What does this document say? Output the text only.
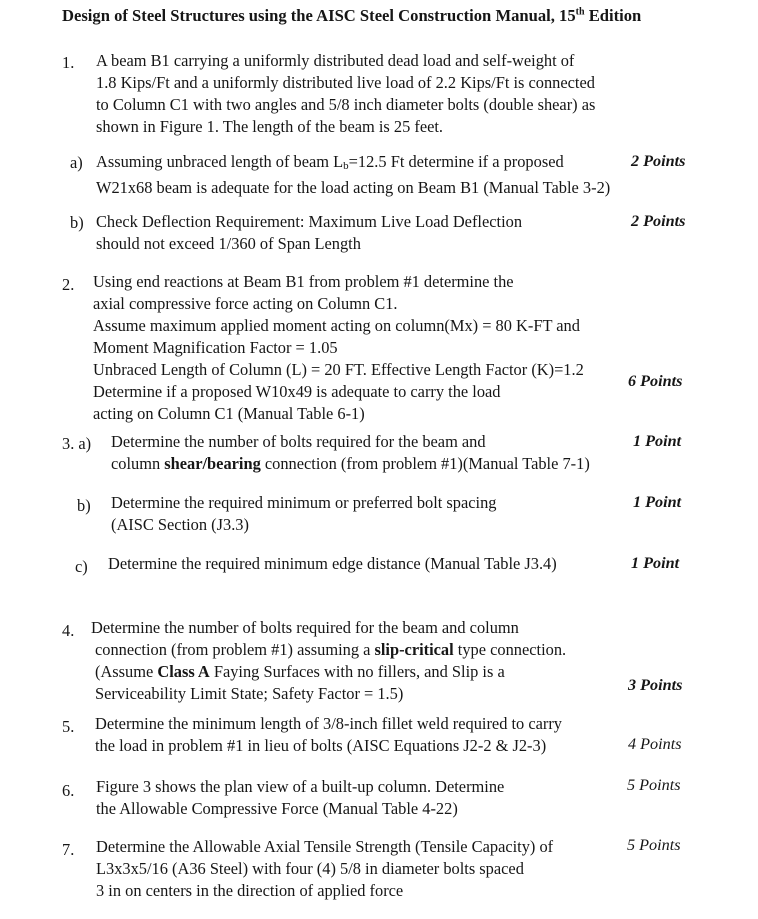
Design of Steel Structures using the AISC Steel Construction Manual, 15th Edition
1. A beam B1 carrying a uniformly distributed dead load and self-weight of
1.8 Kips/Ft and a uniformly distributed live load of 2.2 Kips/Ft is connected
to Column C1 with two angles and 5/8 inch diameter bolts (double shear) as
shown in Figure 1. The length of the beam is 25 feet.
a) Assuming unbraced length of beam Lb=12.5 Ft determine if a proposed
W21x68 beam is adequate for the load acting on Beam B1 (Manual Table 3-2)
2 Points
b) Check Deflection Requirement: Maximum Live Load Deflection
should not exceed 1/360 of Span Length
2 Points
2. Using end reactions at Beam B1 from problem #1 determine the
axial compressive force acting on Column C1.
Assume maximum applied moment acting on column(Mx) = 80 K-FT and
Moment Magnification Factor = 1.05
Unbraced Length of Column (L) = 20 FT. Effective Length Factor (K)=1.2
Determine if a proposed W10x49 is adequate to carry the load
acting on Column C1 (Manual Table 6-1)
6 Points
3. a) Determine the number of bolts required for the beam and
column shear/bearing connection (from problem #1)(Manual Table 7-1)
1 Point
b) Determine the required minimum or preferred bolt spacing
(AISC Section (J3.3)
1 Point
c) Determine the required minimum edge distance (Manual Table J3.4)	1 Point
4. Determine the number of bolts required for the beam and column
connection (from problem #1) assuming a slip-critical type connection.
(Assume Class A Faying Surfaces with no fillers, and Slip is a
Serviceability Limit State; Safety Factor = 1.5)	3 Points
5. Determine the minimum length of 3/8-inch fillet weld required to carry
the load in problem #1 in lieu of bolts (AISC Equations J2-2 & J2-3)	4 Points
6. Figure 3 shows the plan view of a built-up column. Determine
the Allowable Compressive Force (Manual Table 4-22)
5 Points
7. Determine the Allowable Axial Tensile Strength (Tensile Capacity) of
L3x3x5/16 (A36 Steel) with four (4) 5/8 in diameter bolts spaced
3 in on centers in the direction of applied force
5 Points
